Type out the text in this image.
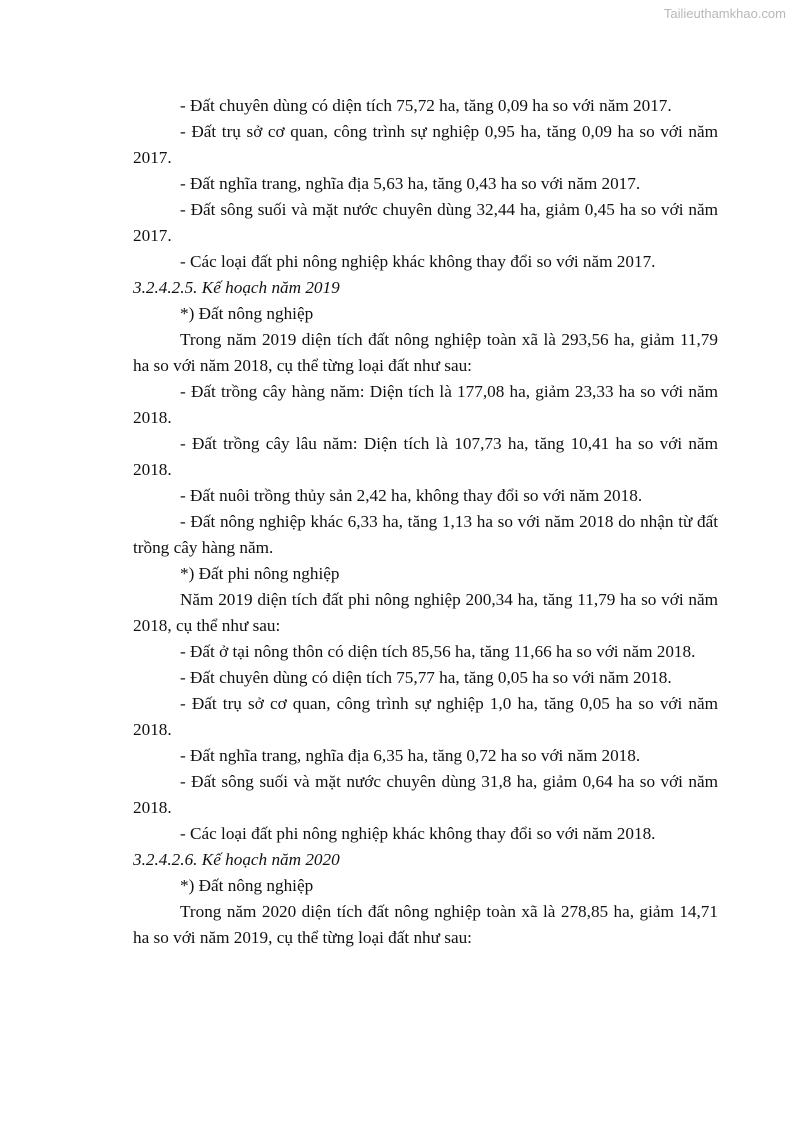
Tailieuthamkhao.com

- Đất chuyên dùng có diện tích 75,72 ha, tăng 0,09 ha so với năm 2017.

- Đất trụ sở cơ quan, công trình sự nghiệp 0,95 ha, tăng 0,09 ha so với năm 2017.

- Đất nghĩa trang, nghĩa địa 5,63 ha, tăng 0,43 ha so với năm 2017.

- Đất sông suối và mặt nước chuyên dùng 32,44 ha, giảm 0,45 ha so với năm 2017.

- Các loại đất phi nông nghiệp khác không thay đổi so với năm 2017.

3.2.4.2.5. Kế hoạch năm 2019

*) Đất nông nghiệp

Trong năm 2019 diện tích đất nông nghiệp toàn xã là 293,56 ha, giảm 11,79 ha so với năm 2018, cụ thể từng loại đất như sau:

- Đất trồng cây hàng năm: Diện tích là 177,08 ha, giảm 23,33 ha so với năm 2018.

- Đất trồng cây lâu năm: Diện tích là 107,73 ha, tăng 10,41 ha so với năm 2018.

- Đất nuôi trồng thủy sản 2,42 ha, không thay đổi so với năm 2018.

- Đất nông nghiệp khác 6,33 ha, tăng 1,13 ha so với năm 2018 do nhận từ đất trồng cây hàng năm.

*) Đất phi nông nghiệp

Năm 2019 diện tích đất phi nông nghiệp 200,34 ha, tăng 11,79 ha so với năm 2018, cụ thể như sau:

- Đất ở tại nông thôn có diện tích 85,56 ha, tăng 11,66 ha so với năm 2018.

- Đất chuyên dùng có diện tích 75,77 ha, tăng 0,05 ha so với năm 2018.

- Đất trụ sở cơ quan, công trình sự nghiệp 1,0 ha, tăng 0,05 ha so với năm 2018.

- Đất nghĩa trang, nghĩa địa 6,35 ha, tăng 0,72 ha so với năm 2018.

- Đất sông suối và mặt nước chuyên dùng 31,8 ha, giảm 0,64 ha so với năm 2018.

- Các loại đất phi nông nghiệp khác không thay đổi so với năm 2018.

3.2.4.2.6. Kế hoạch năm 2020

*) Đất nông nghiệp

Trong năm 2020 diện tích đất nông nghiệp toàn xã là 278,85 ha, giảm 14,71 ha so với năm 2019, cụ thể từng loại đất như sau:
